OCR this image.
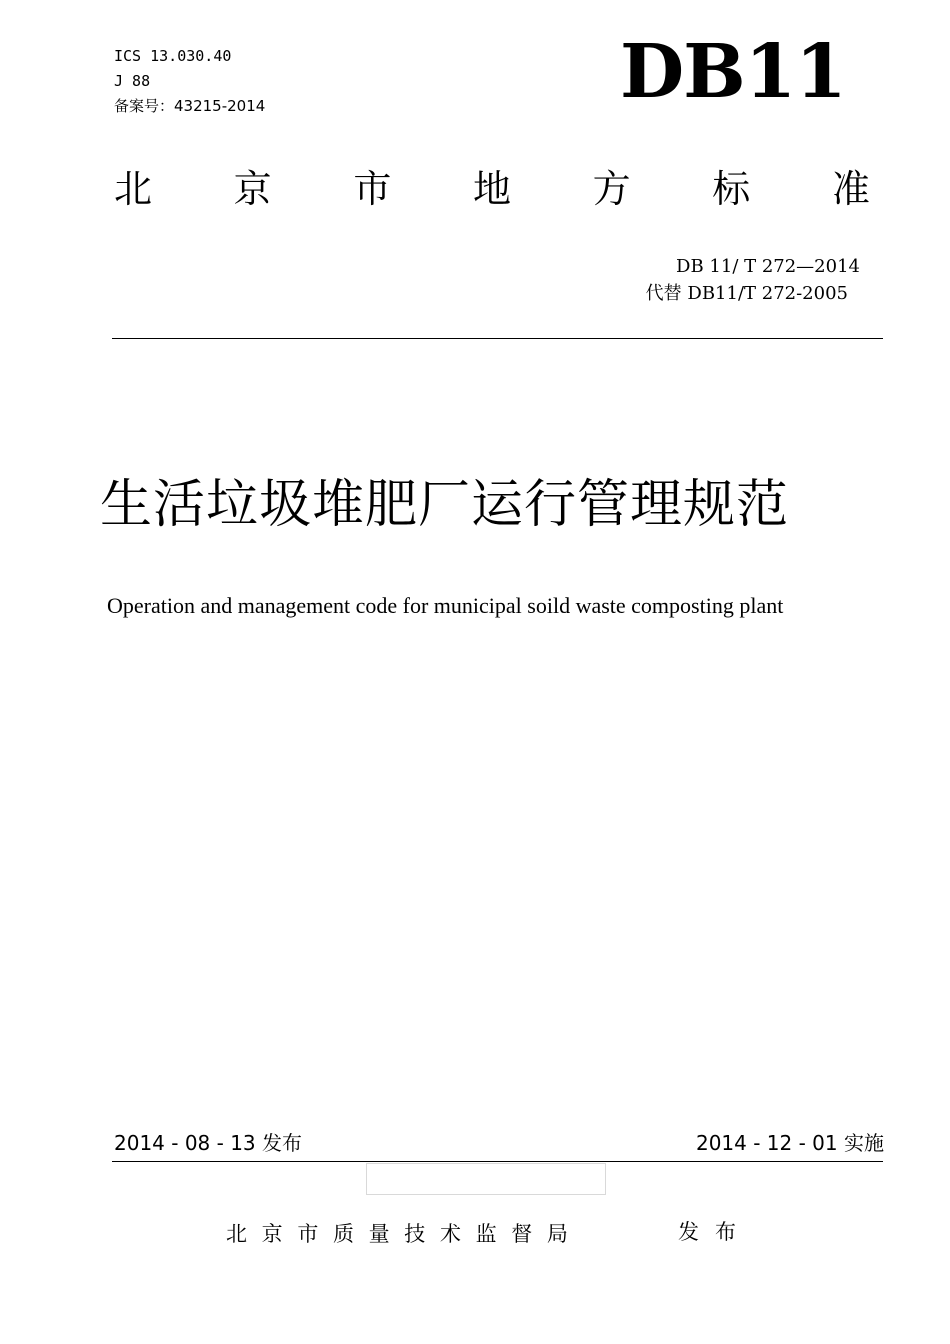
ICS 13.030.40
J 88
备案号：43215-2014	DB11
北 京 市 地 方 标 准
DB 11/ T 272—2014
代替 DB11/T 272-2005
生活垃圾堆肥厂运行管理规范
Operation and management code for municipal soild waste composting plant
2014 - 08 - 13 发布	2014 - 12 - 01 实施
北 京 市 质 量 技 术 监 督 局	发 布
